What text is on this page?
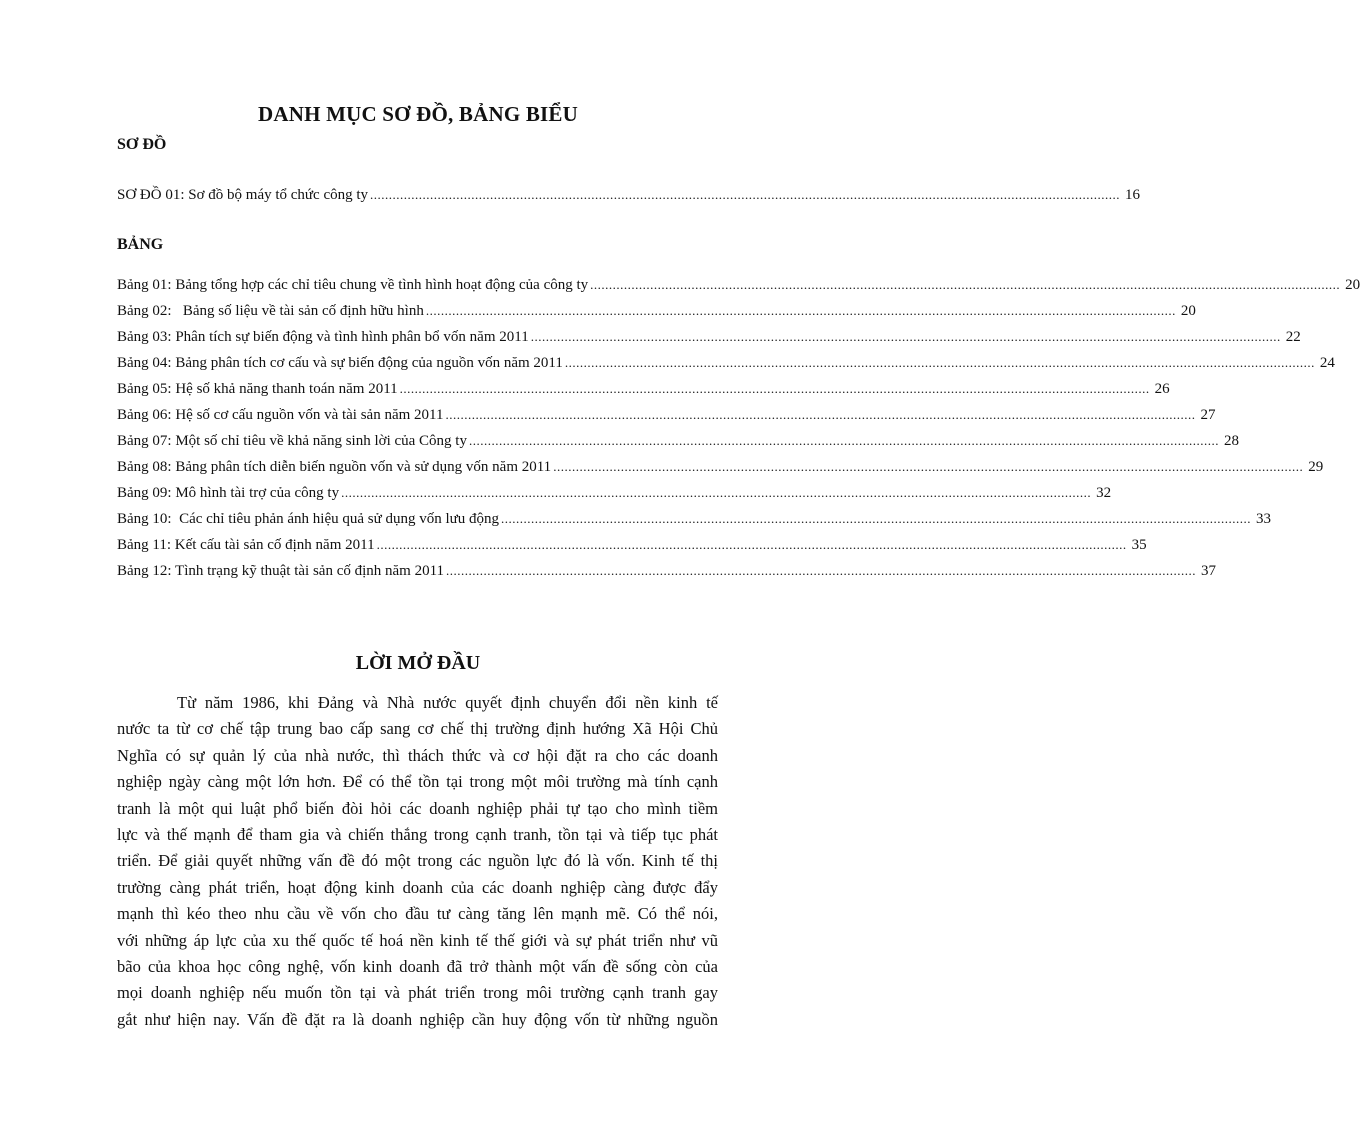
DANH MỤC SƠ ĐỒ, BẢNG BIỂU
SƠ ĐỒ
SƠ ĐỒ 01: Sơ đồ bộ máy tổ chức công ty ........................................................................................................................................................................................................ 16
BẢNG
Bảng 01: Bảng tổng hợp các chỉ tiêu chung về tình hình hoạt động của công ty ........................................................................................................................................................................................................ 20
Bảng 02:   Bảng số liệu về tài sản cố định hữu hình ........................................................................................................................................................................................................ 20
Bảng 03: Phân tích sự biến động và tình hình phân bổ vốn năm 2011 ........................................................................................................................................................................................................ 22
Bảng 04: Bảng phân tích cơ cấu và sự biến động của nguồn vốn năm 2011 ........................................................................................................................................................................................................ 24
Bảng 05: Hệ số khả năng thanh toán năm 2011 ........................................................................................................................................................................................................ 26
Bảng 06: Hệ số cơ cấu nguồn vốn và tài sản năm 2011 ........................................................................................................................................................................................................ 27
Bảng 07: Một số chỉ tiêu về khả năng sinh lời của Công ty ........................................................................................................................................................................................................ 28
Bảng 08: Bảng phân tích diễn biến nguồn vốn và sử dụng vốn năm 2011 ........................................................................................................................................................................................................ 29
Bảng 09: Mô hình tài trợ của công ty ........................................................................................................................................................................................................ 32
Bảng 10:  Các chỉ tiêu phản ánh hiệu quả sử dụng vốn lưu động ........................................................................................................................................................................................................ 33
Bảng 11: Kết cấu tài sản cố định năm 2011 ........................................................................................................................................................................................................ 35
Bảng 12: Tình trạng kỹ thuật tài sản cố định năm 2011 ........................................................................................................................................................................................................ 37
LỜI MỞ ĐẦU
Từ năm 1986, khi Đảng và Nhà nước quyết định chuyển đổi nền kinh tế
nước ta từ cơ chế tập trung bao cấp sang cơ chế thị trường định hướng Xã Hội Chủ
Nghĩa có sự quản lý của nhà nước, thì thách thức và cơ hội đặt ra cho các doanh
nghiệp ngày càng một lớn hơn. Để có thể tồn tại trong một môi trường mà tính cạnh
tranh là một qui luật phổ biến đòi hỏi các doanh nghiệp phải tự tạo cho mình tiềm
lực và thế mạnh để tham gia và chiến thắng trong cạnh tranh, tồn tại và tiếp tục phát
triển. Để giải quyết những vấn đề đó một trong các nguồn lực đó là vốn. Kinh tế thị
trường càng phát triển, hoạt động kinh doanh của các doanh nghiệp càng được đẩy
mạnh thì kéo theo nhu cầu về vốn cho đầu tư càng tăng lên mạnh mẽ. Có thể nói,
với những áp lực của xu thế quốc tế hoá nền kinh tế thế giới và sự phát triển như vũ
bão của khoa học công nghệ, vốn kinh doanh đã trở thành một vấn đề sống còn của
mọi doanh nghiệp nếu muốn tồn tại và phát triển trong môi trường cạnh tranh gay
gắt như hiện nay. Vấn đề đặt ra là doanh nghiệp cần huy động vốn từ những nguồn
